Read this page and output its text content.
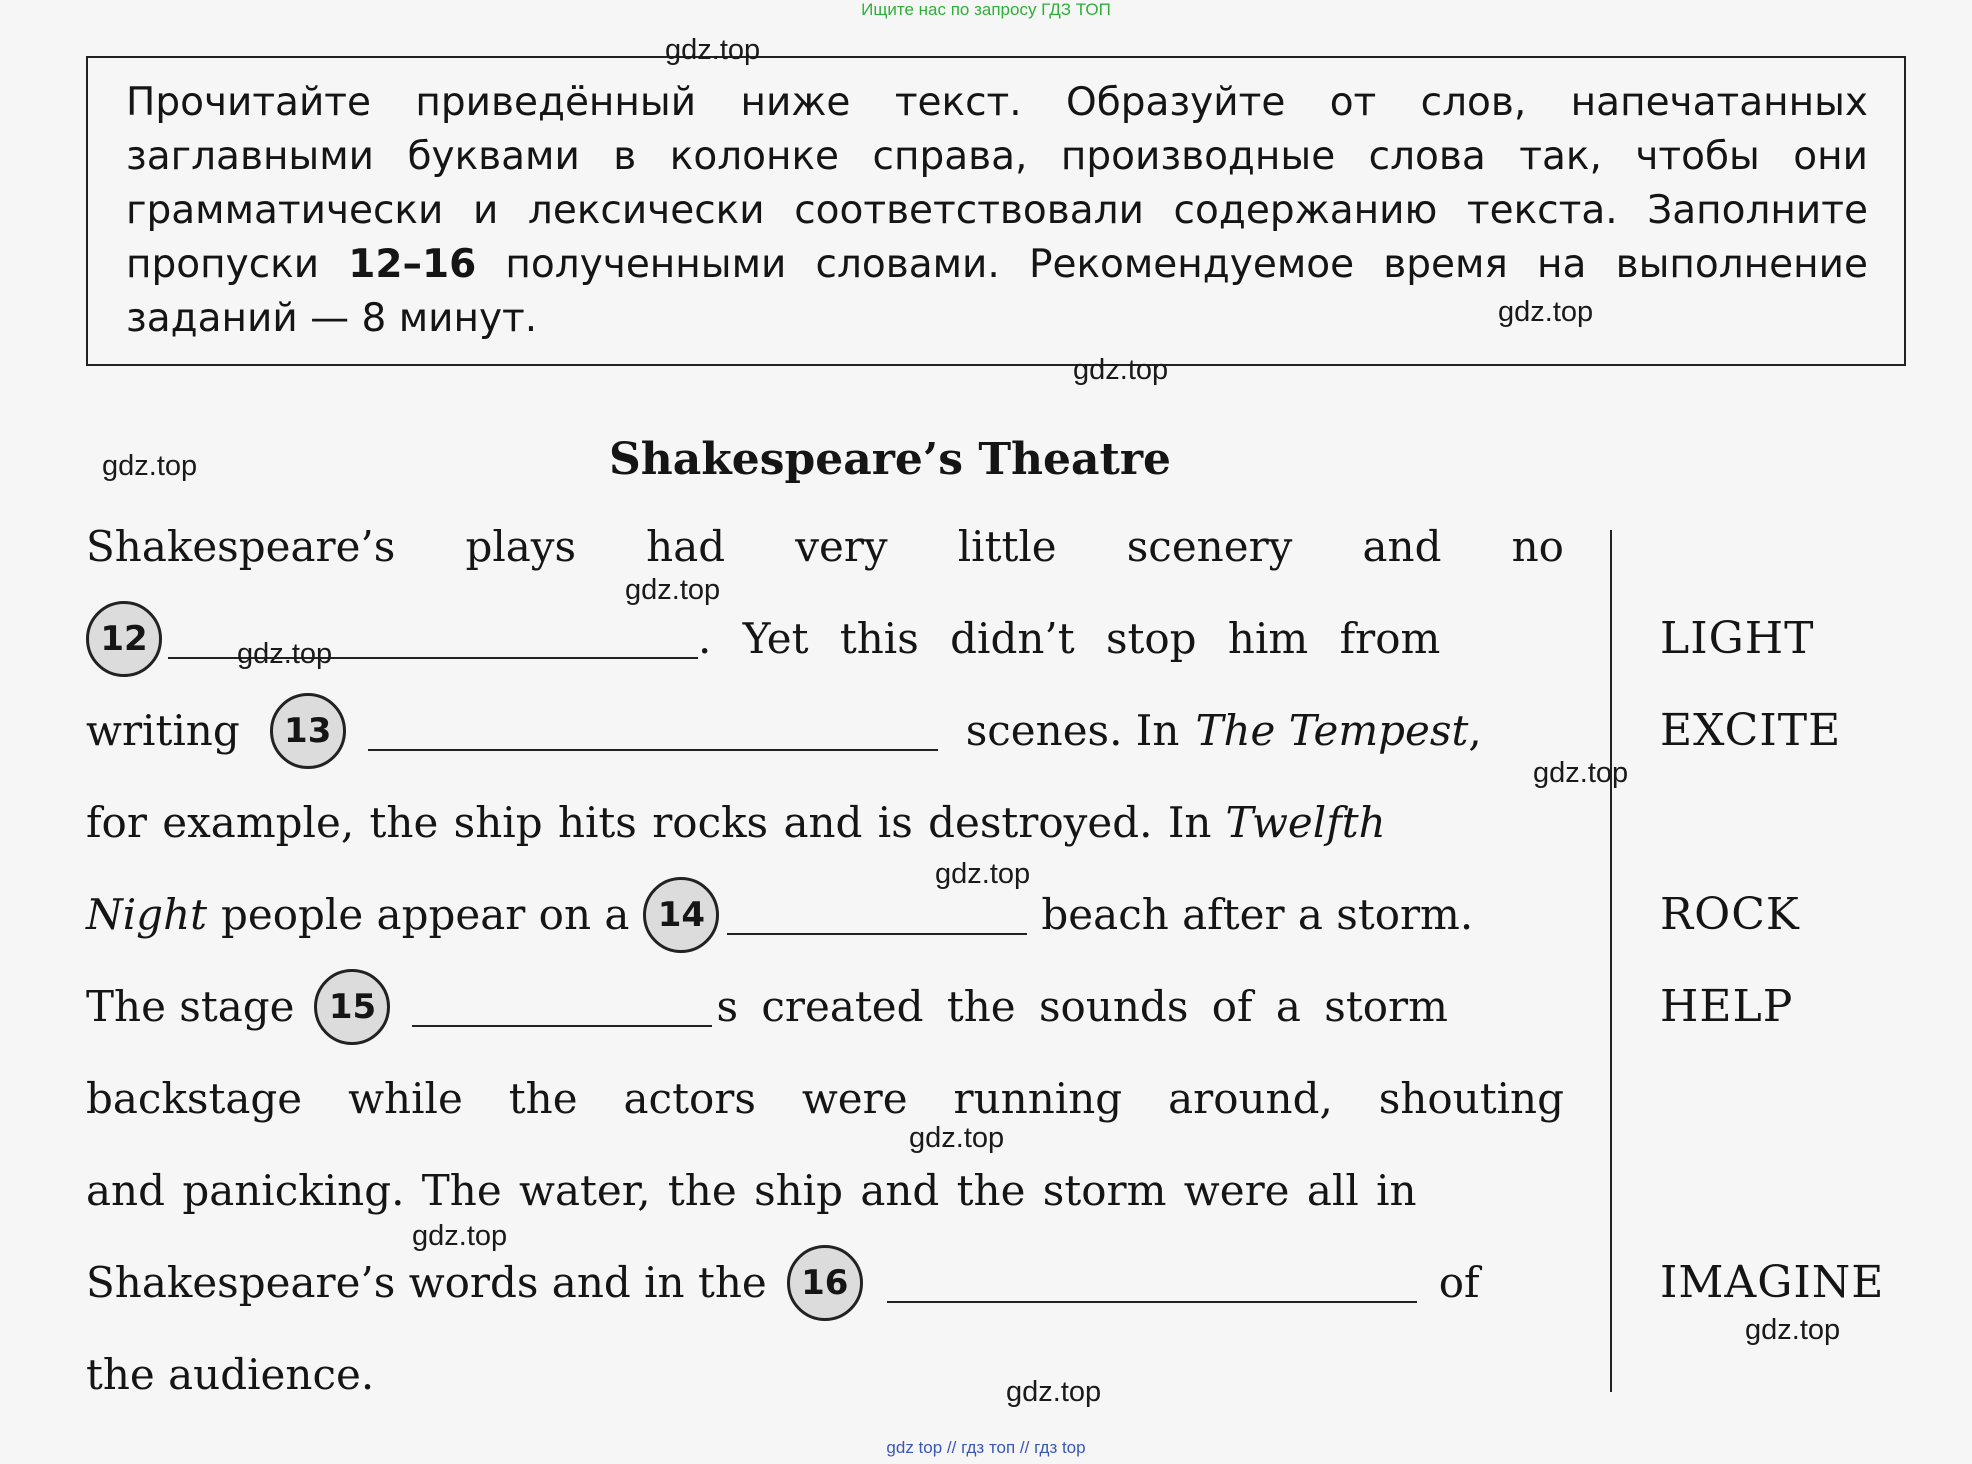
Ищите нас по запросу ГДЗ ТОП
Прочитайте приведённый ниже текст. Образуйте от слов, напечатанных заглавными буквами в колонке справа, производные слова так, чтобы они грамматически и лексически соответствовали содержанию текста. Заполните пропуски 12–16 полученными словами. Рекомендуемое время на выполнение заданий — 8 минут.
Shakespeare’s Theatre
Shakespeare’s plays had very little scenery and no
12	. Yet this didn’t stop him from
writing	13	scenes. In The Tempest ,
for example, the ship hits rocks and is destroyed. In Twelfth
Night people appear on a 14	beach after a storm.
The stage	15	s created the sounds of a storm
backstage while the actors were running around, shouting
and panicking. The water, the ship and the storm were all in
Shakespeare’s words and in the	16	of
the audience.
LIGHT
EXCITE
ROCK
HELP
IMAGINE
gdz.top
gdz.top
gdz.top
gdz.top
gdz.top
gdz.top
gdz.top
gdz.top
gdz.top
gdz.top
gdz.top
gdz.top
gdz top // гдз топ // гдз top
